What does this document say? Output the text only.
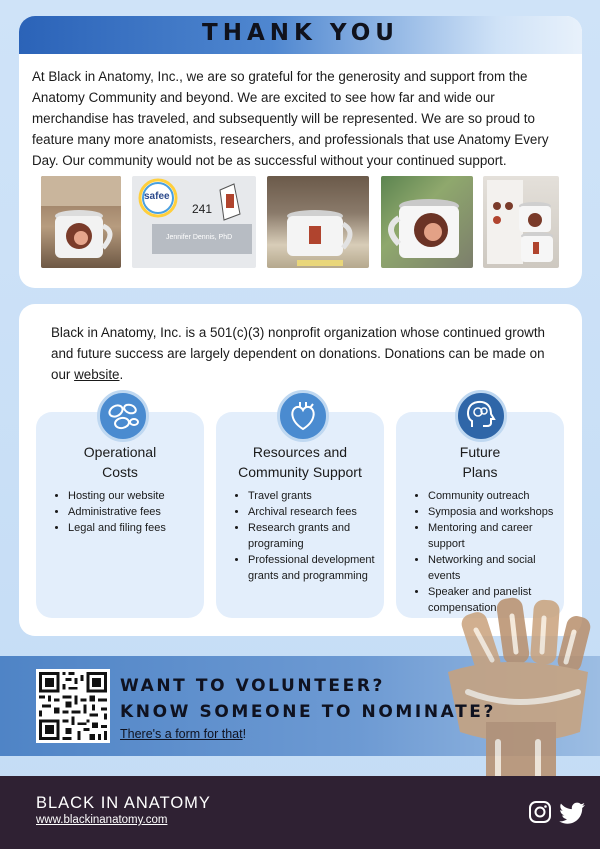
THANK YOU
At Black in Anatomy, Inc., we are so grateful for the generosity and support from the Anatomy Community and beyond. We are excited to see how far and wide our merchandise has traveled, and subsequently will be represented. We are so proud to feature many more anatomists, researchers, and professionals that use Anatomy Every Day. Our community would not be as successful without your continued support.
safee
241
Jennifer Dennis, PhD
Black in Anatomy, Inc. is a 501(c)(3) nonprofit organization whose continued growth and future success are largely dependent on donations. Donations can be made on our website.
Operational
Costs
• Hosting our website
• Administrative fees
• Legal and filing fees
Resources and
Community Support
• Travel grants
• Archival research fees
• Research grants and programing
• Professional development grants and programming
Future
Plans
• Community outreach
• Symposia and workshops
• Mentoring and career support
• Networking and social events
• Speaker and panelist compensation
WANT TO VOLUNTEER?
KNOW SOMEONE TO NOMINATE?
There's a form for that!
BLACK IN ANATOMY
www.blackinanatomy.com
